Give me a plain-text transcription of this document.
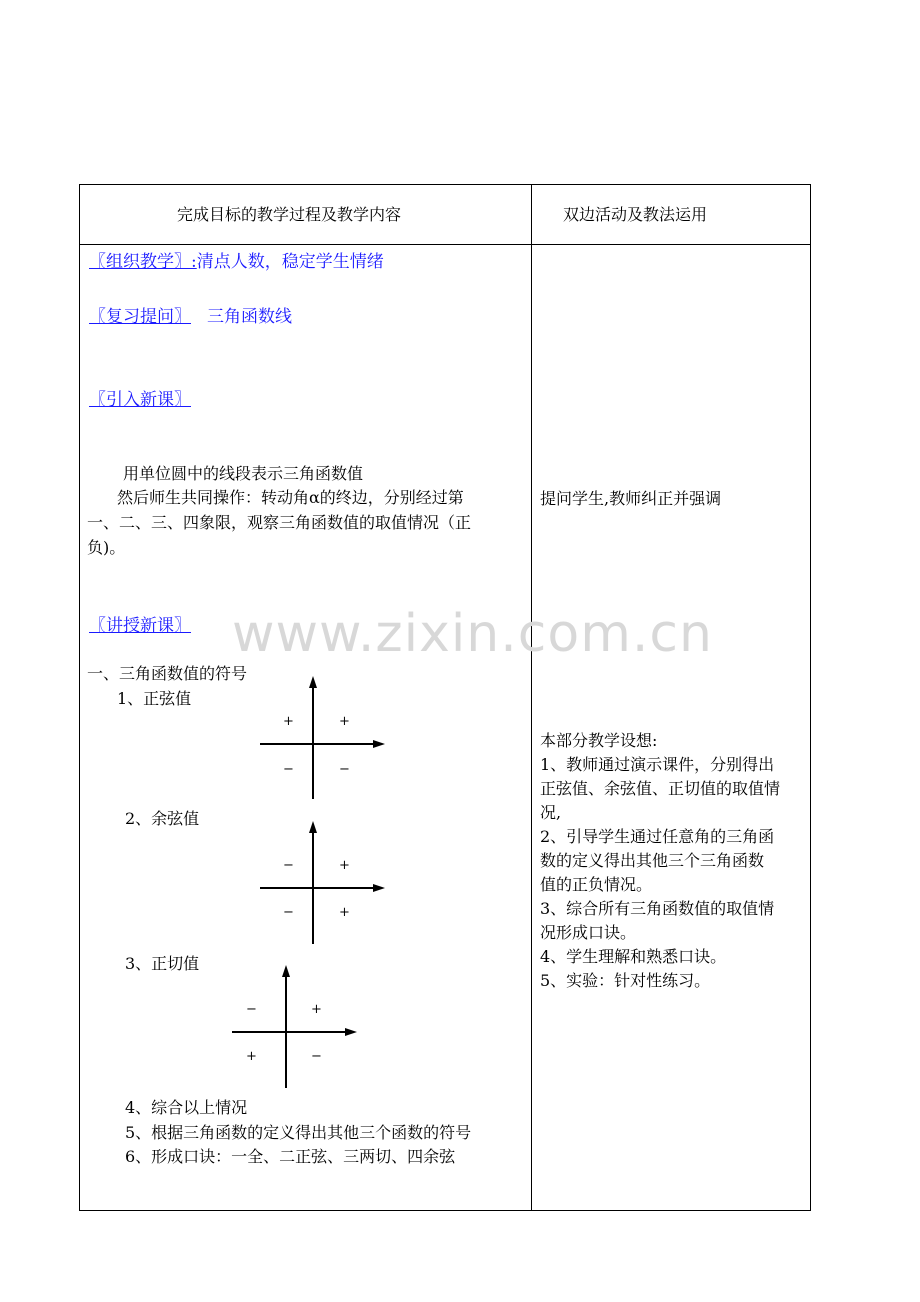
完成目标的教学过程及教学内容	双边活动及教法运用
〖组织教学〗:清点人数，稳定学生情绪
〖复习提问〗 三角函数线
〖引入新课〗
用单位圆中的线段表示三角函数值
然后师生共同操作：转动角α的终边，分别经过第
一、二、三、四象限，观察三角函数值的取值情况（正
负)。
〖讲授新课〗
一、三角函数值的符号
1、正弦值
+	+
−	−
2、余弦值
−	+
−	+
3、正切值
−	+
+	−
4、综合以上情况
5、根据三角函数的定义得出其他三个函数的符号
6、形成口诀：一全、二正弦、三两切、四余弦
提问学生,教师纠正并强调
本部分教学设想:
1、教师通过演示课件，分别得出
正弦值、余弦值、正切值的取值情
况,
2、引导学生通过任意角的三角函
数的定义得出其他三个三角函数
值的正负情况。
3、综合所有三角函数值的取值情
况形成口诀。
4、学生理解和熟悉口诀。
5、实验：针对性练习。
www.zixin.com.cn
